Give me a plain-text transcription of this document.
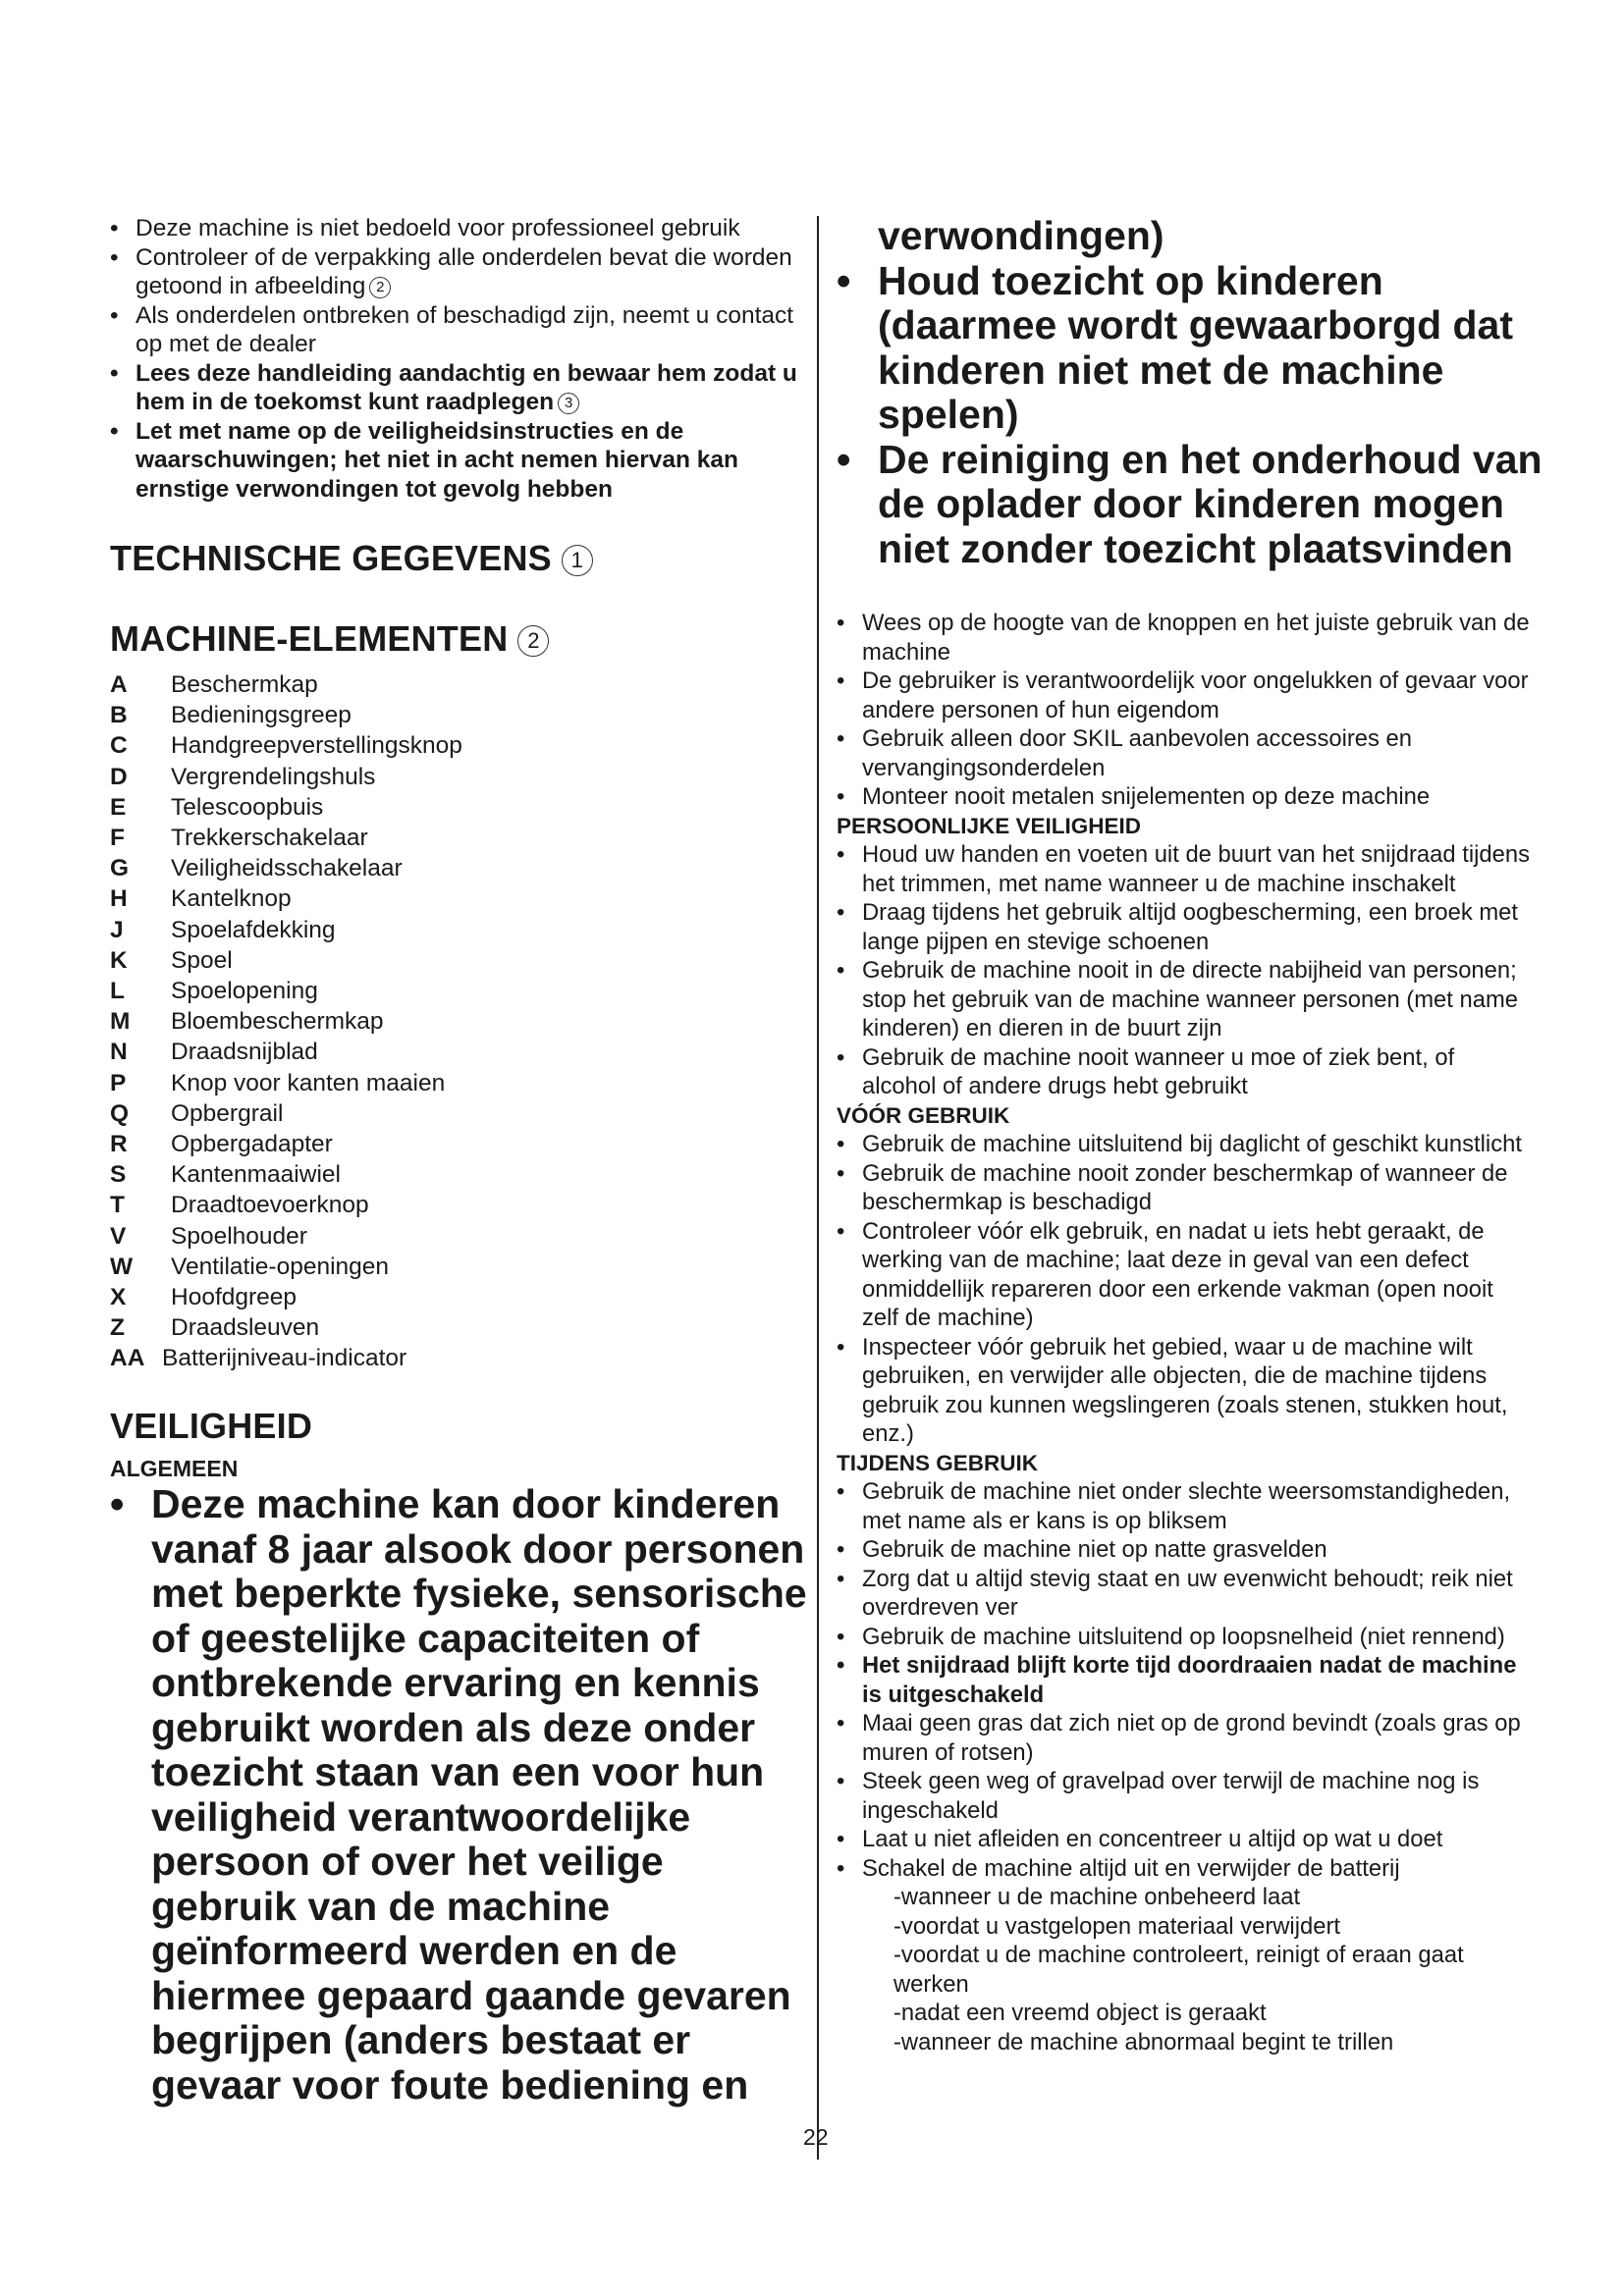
• Deze machine is niet bedoeld voor professioneel gebruik
• Controleer of de verpakking alle onderdelen bevat die worden getoond in afbeelding 2
• Als onderdelen ontbreken of beschadigd zijn, neemt u contact op met de dealer
• Lees deze handleiding aandachtig en bewaar hem zodat u hem in de toekomst kunt raadplegen 3
• Let met name op de veiligheidsinstructies en de waarschuwingen; het niet in acht nemen hiervan kan ernstige verwondingen tot gevolg hebben
TECHNISCHE GEGEVENS 1
MACHINE-ELEMENTEN 2
A	Beschermkap
B	Bedieningsgreep
C	Handgreepverstellingsknop
D	Vergrendelingshuls
E	Telescoopbuis
F	Trekkerschakelaar
G	Veiligheidsschakelaar
H	Kantelknop
J	Spoelafdekking
K	Spoel
L	Spoelopening
M	Bloembeschermkap
N	Draadsnijblad
P	Knop voor kanten maaien
Q	Opbergrail
R	Opbergadapter
S	Kantenmaaiwiel
T	Draadtoevoerknop
V	Spoelhouder
W	Ventilatie-openingen
X	Hoofdgreep
Z	Draadsleuven
AA Batterijniveau-indicator
VEILIGHEID
ALGEMEEN
• Deze machine kan door kinderen vanaf 8 jaar alsook door personen met beperkte fysieke, sensorische of geestelijke capaciteiten of ontbrekende ervaring en kennis gebruikt worden als deze onder toezicht staan van een voor hun veiligheid verantwoordelijke persoon of over het veilige gebruik van de machine geïnformeerd werden en de hiermee gepaard gaande gevaren begrijpen (anders bestaat er gevaar voor foute bediening en
22
verwondingen)
• Houd toezicht op kinderen (daarmee wordt gewaarborgd dat kinderen niet met de machine spelen)
• De reiniging en het onderhoud van de oplader door kinderen mogen niet zonder toezicht plaatsvinden
• Wees op de hoogte van de knoppen en het juiste gebruik van de machine
• De gebruiker is verantwoordelijk voor ongelukken of gevaar voor andere personen of hun eigendom
• Gebruik alleen door SKIL aanbevolen accessoires en vervangingsonderdelen
• Monteer nooit metalen snijelementen op deze machine

PERSOONLIJKE VEILIGHEID

• Houd uw handen en voeten uit de buurt van het snijdraad tijdens het trimmen, met name wanneer u de machine inschakelt
• Draag tijdens het gebruik altijd oogbescherming, een broek met lange pijpen en stevige schoenen
• Gebruik de machine nooit in de directe nabijheid van personen; stop het gebruik van de machine wanneer personen (met name kinderen) en dieren in de buurt zijn
• Gebruik de machine nooit wanneer u moe of ziek bent, of alcohol of andere drugs hebt gebruikt

VÓÓR GEBRUIK

• Gebruik de machine uitsluitend bij daglicht of geschikt kunstlicht
• Gebruik de machine nooit zonder beschermkap of wanneer de beschermkap is beschadigd
• Controleer vóór elk gebruik, en nadat u iets hebt geraakt, de werking van de machine; laat deze in geval van een defect onmiddellijk repareren door een erkende vakman (open nooit zelf de machine)
• Inspecteer vóór gebruik het gebied, waar u de machine wilt gebruiken, en verwijder alle objecten, die de machine tijdens gebruik zou kunnen wegslingeren (zoals stenen, stukken hout, enz.)

TIJDENS GEBRUIK

• Gebruik de machine niet onder slechte weersomstandigheden, met name als er kans is op bliksem
• Gebruik de machine niet op natte grasvelden
• Zorg dat u altijd stevig staat en uw evenwicht behoudt; reik niet overdreven ver
• Gebruik de machine uitsluitend op loopsnelheid (niet rennend)
• Het snijdraad blijft korte tijd doordraaien nadat de machine is uitgeschakeld
• Maai geen gras dat zich niet op de grond bevindt (zoals gras op muren of rotsen)
• Steek geen weg of gravelpad over terwijl de machine nog is ingeschakeld
• Laat u niet afleiden en concentreer u altijd op wat u doet
• Schakel de machine altijd uit en verwijder de batterij
-wanneer u de machine onbeheerd laat
-voordat u vastgelopen materiaal verwijdert
-voordat u de machine controleert, reinigt of eraan gaat werken
-nadat een vreemd object is geraakt
-wanneer de machine abnormaal begint te trillen
